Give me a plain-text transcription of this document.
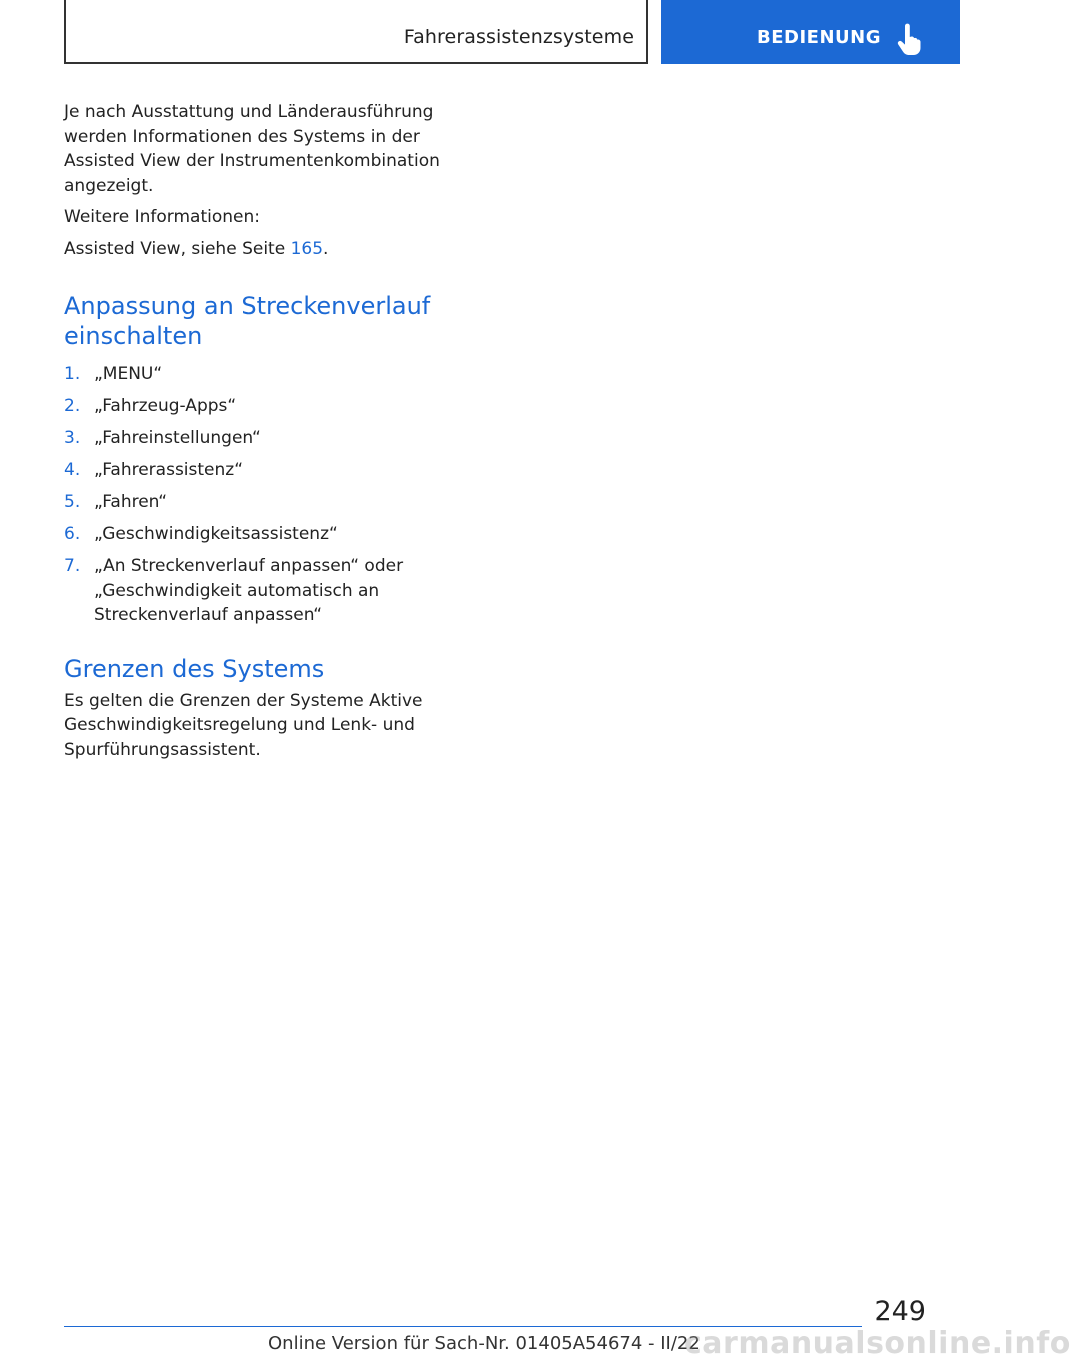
Fahrerassistenzsysteme	BEDIENUNG

Je nach Ausstattung und Länderausführung werden Informationen des Systems in der Assisted View der Instrumentenkombination angezeigt.

Weitere Informationen:

Assisted View, siehe Seite 165.

Anpassung an Streckenverlauf einschalten
1. „MENU“
2. „Fahrzeug-Apps“
3. „Fahreinstellungen“
4. „Fahrerassistenz“
5. „Fahren“
6. „Geschwindigkeitsassistenz“
7. „An Streckenverlauf anpassen“ oder „Geschwindigkeit automatisch an Streckenverlauf anpassen“
Grenzen des Systems

Es gelten die Grenzen der Systeme Aktive Geschwindigkeitsregelung und Lenk- und Spurführungsassistent.

249
Online Version für Sach-Nr. 01405A54674 - II/22
carmanualsonline.info
